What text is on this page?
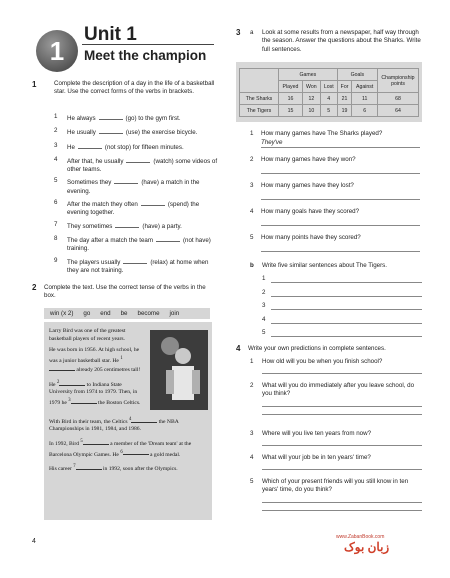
1
Unit 1
Meet the champion
1	Complete the description of a day in the life of a basketball star. Use the correct forms of the verbs in brackets.
1 He always	(go) to the gym first.
2 He usually	(use) the exercise bicycle.
3 He	(not stop) for fifteen minutes.
4 After that, he usually	(watch) some videos of other teams.
5 Sometimes they	(have) a match in the evening.
6 After the match they often	(spend) the evening together.
7 They sometimes	(have) a party.
8 The day after a match the team	(not have) training.
9 The players usually	(relax) at home when they are not training.
2 Complete the text. Use the correct tense of the verbs in the box.
win (x 2) go end be become join

Larry Bird was one of the greatest basketball players of recent years.

He was born in 1956. At high school, he was a junior basketball star. He $^1$ already 205 centimetres tall!

He $^2$	to Indiana State University from 1974 to 1979. Then, in 1979 he $^3$	the Boston Celtics.

With Bird in their team, the Celtics $^4$	the NBA Championships in 1981, 1984, and 1986.

In 1992, Bird $^5$	a member of the 'Dream team' at the Barcelona Olympic Games. He $^6$	a gold medal.

His career $^7$	in 1992, soon after the Olympics.

4
3 a Look at some results from a newspaper, half way through the season. Answer the questions about the Sharks. Write full sentences.
	Games			Goals		Championship points
	Played	Won	Lost	For	Against	
The Sharks	16	12	4	21	11	68
The Tigers	15	10	5	19	6	64
1 How many games have The Sharks played?
They've
2 How many games have they won?
3 How many games have they lost?
4 How many goals have they scored?
5 How many points have they scored?
b Write five similar sentences about The Tigers.
1
2
3
4
5
4 Write your own predictions in complete sentences.
1 How old will you be when you finish school?
2 What will you do immediately after you leave school, do you think?
3 Where will you live ten years from now?
4 What will your job be in ten years' time?
5 Which of your present friends will you still know in ten years' time, do you think?
www.ZabanBook.com
زبان بوک
